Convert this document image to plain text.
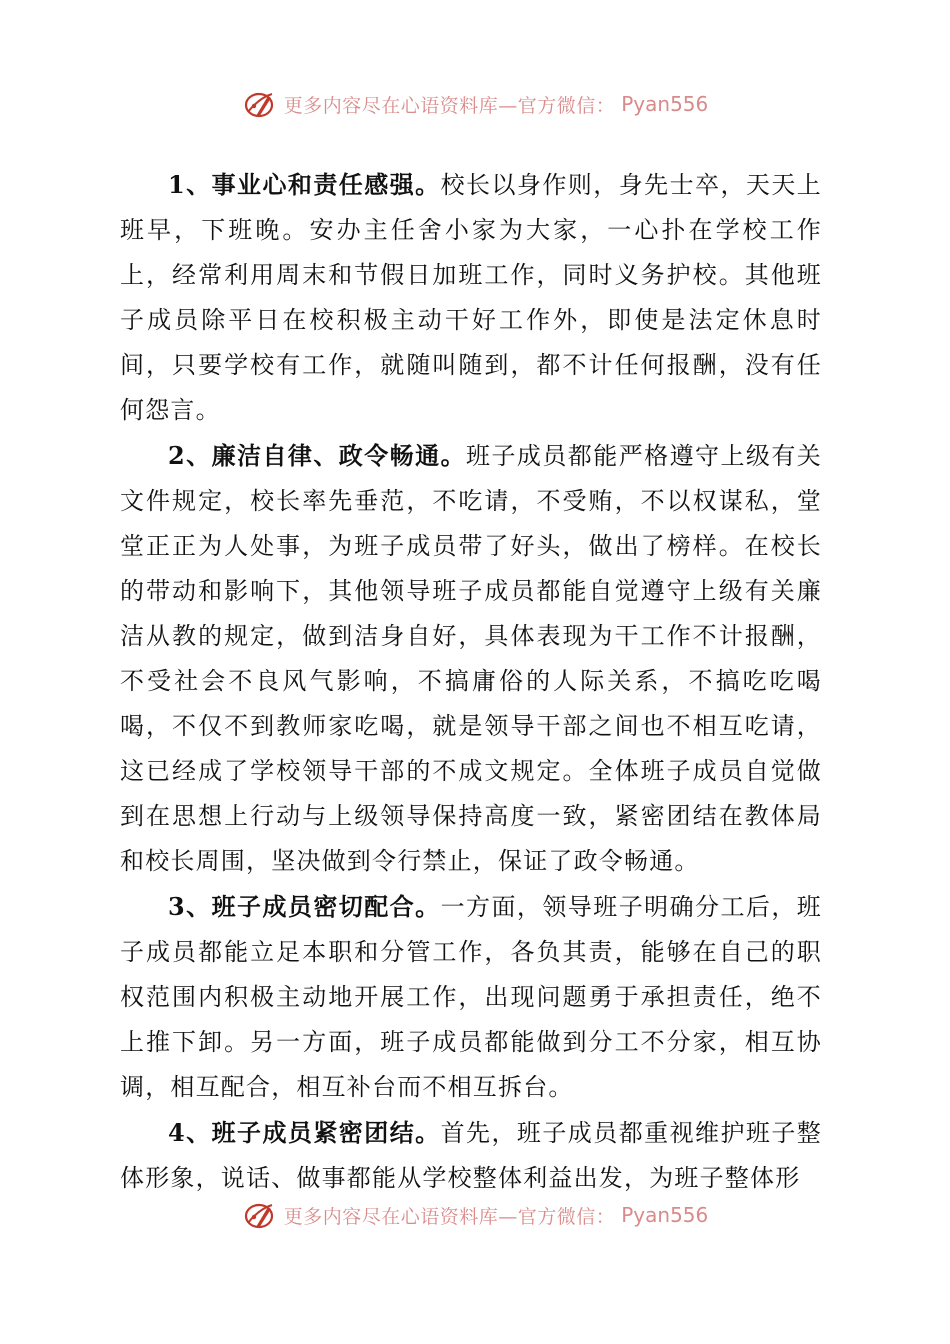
更多内容尽在心语资料库—官方微信： Pyan556

1、事业心和责任感强。校长以身作则，身先士卒，天天上班早，下班晚。安办主任舍小家为大家，一心扑在学校工作上，经常利用周末和节假日加班工作，同时义务护校。其他班子成员除平日在校积极主动干好工作外，即使是法定休息时间，只要学校有工作，就随叫随到，都不计任何报酬，没有任何怨言。

2、廉洁自律、政令畅通。班子成员都能严格遵守上级有关文件规定，校长率先垂范，不吃请，不受贿，不以权谋私，堂堂正正为人处事，为班子成员带了好头，做出了榜样。在校长的带动和影响下，其他领导班子成员都能自觉遵守上级有关廉洁从教的规定，做到洁身自好，具体表现为干工作不计报酬，不受社会不良风气影响，不搞庸俗的人际关系，不搞吃吃喝喝，不仅不到教师家吃喝，就是领导干部之间也不相互吃请，这已经成了学校领导干部的不成文规定。全体班子成员自觉做到在思想上行动与上级领导保持高度一致，紧密团结在教体局和校长周围，坚决做到令行禁止，保证了政令畅通。

3、班子成员密切配合。一方面，领导班子明确分工后，班子成员都能立足本职和分管工作，各负其责，能够在自己的职权范围内积极主动地开展工作，出现问题勇于承担责任，绝不上推下卸。另一方面，班子成员都能做到分工不分家，相互协调，相互配合，相互补台而不相互拆台。

4、班子成员紧密团结。首先，班子成员都重视维护班子整体形象，说话、做事都能从学校整体利益出发，为班子整体形

更多内容尽在心语资料库—官方微信： Pyan556
